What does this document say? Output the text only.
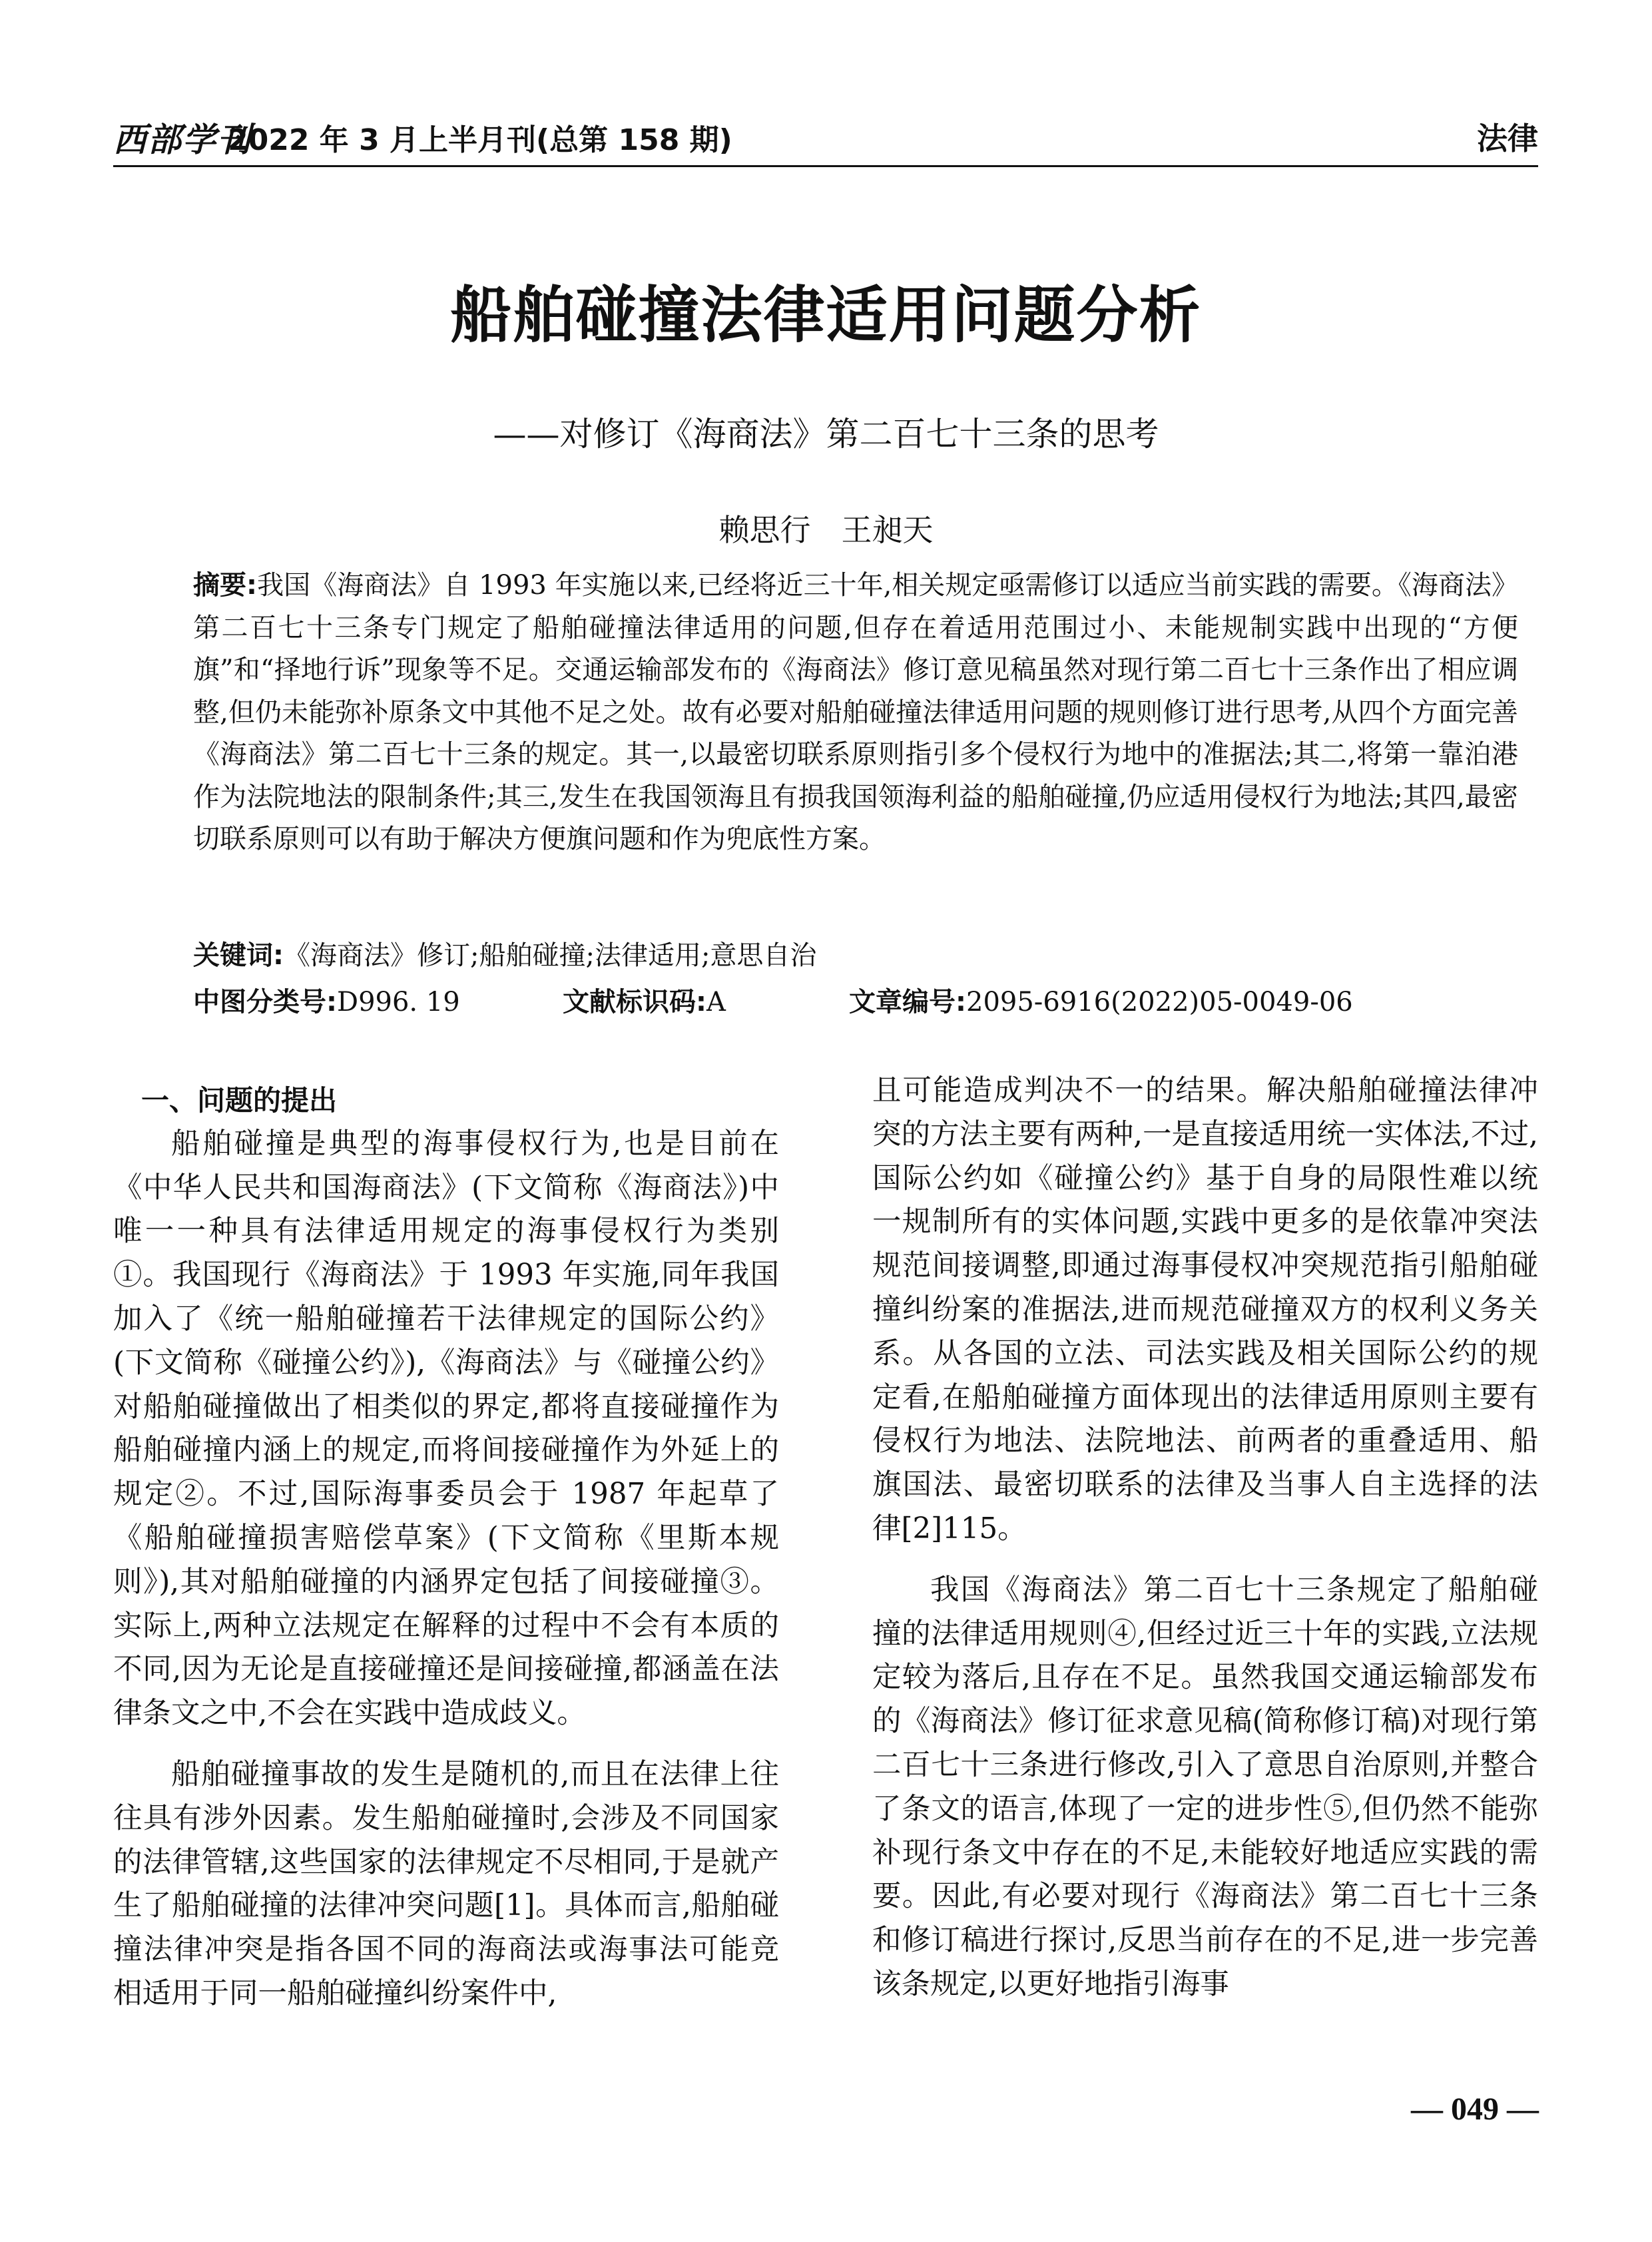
西部学刊
2022 年 3 月上半月刊(总第 158 期)	法律
船舶碰撞法律适用问题分析
——对修订《海商法》第二百七十三条的思考
赖思行　王昶天
摘要:我国《海商法》自 1993 年实施以来,已经将近三十年,相关规定亟需修订以适应当前实践的需要。《海商法》第二百七十三条专门规定了船舶碰撞法律适用的问题,但存在着适用范围过小、未能规制实践中出现的“方便旗”和“择地行诉”现象等不足。交通运输部发布的《海商法》修订意见稿虽然对现行第二百七十三条作出了相应调整,但仍未能弥补原条文中其他不足之处。故有必要对船舶碰撞法律适用问题的规则修订进行思考,从四个方面完善《海商法》第二百七十三条的规定。其一,以最密切联系原则指引多个侵权行为地中的准据法;其二,将第一靠泊港作为法院地法的限制条件;其三,发生在我国领海且有损我国领海利益的船舶碰撞,仍应适用侵权行为地法;其四,最密切联系原则可以有助于解决方便旗问题和作为兜底性方案。
关键词:《海商法》修订;船舶碰撞;法律适用;意思自治
中图分类号:D996. 19	文献标识码:A	文章编号:2095-6916(2022)05-0049-06
一、问题的提出

船舶碰撞是典型的海事侵权行为,也是目前在《中华人民共和国海商法》(下文简称《海商法》)中唯一一种具有法律适用规定的海事侵权行为类别①。我国现行《海商法》于 1993 年实施,同年我国加入了《统一船舶碰撞若干法律规定的国际公约》(下文简称《碰撞公约》),《海商法》与《碰撞公约》对船舶碰撞做出了相类似的界定,都将直接碰撞作为船舶碰撞内涵上的规定,而将间接碰撞作为外延上的规定②。不过,国际海事委员会于 1987 年起草了《船舶碰撞损害赔偿草案》(下文简称《里斯本规则》),其对船舶碰撞的内涵界定包括了间接碰撞③。实际上,两种立法规定在解释的过程中不会有本质的不同,因为无论是直接碰撞还是间接碰撞,都涵盖在法律条文之中,不会在实践中造成歧义。

船舶碰撞事故的发生是随机的,而且在法律上往往具有涉外因素。发生船舶碰撞时,会涉及不同国家的法律管辖,这些国家的法律规定不尽相同,于是就产生了船舶碰撞的法律冲突问题[1]。具体而言,船舶碰撞法律冲突是指各国不同的海商法或海事法可能竞相适用于同一船舶碰撞纠纷案件中,

且可能造成判决不一的结果。解决船舶碰撞法律冲突的方法主要有两种,一是直接适用统一实体法,不过,国际公约如《碰撞公约》基于自身的局限性难以统一规制所有的实体问题,实践中更多的是依靠冲突法规范间接调整,即通过海事侵权冲突规范指引船舶碰撞纠纷案的准据法,进而规范碰撞双方的权利义务关系。从各国的立法、司法实践及相关国际公约的规定看,在船舶碰撞方面体现出的法律适用原则主要有侵权行为地法、法院地法、前两者的重叠适用、船旗国法、最密切联系的法律及当事人自主选择的法律[2]115。

我国《海商法》第二百七十三条规定了船舶碰撞的法律适用规则④,但经过近三十年的实践,立法规定较为落后,且存在不足。虽然我国交通运输部发布的《海商法》修订征求意见稿(简称修订稿)对现行第二百七十三条进行修改,引入了意思自治原则,并整合了条文的语言,体现了一定的进步性⑤,但仍然不能弥补现行条文中存在的不足,未能较好地适应实践的需要。因此,有必要对现行《海商法》第二百七十三条和修订稿进行探讨,反思当前存在的不足,进一步完善该条规定,以更好地指引海事

— 049 —
